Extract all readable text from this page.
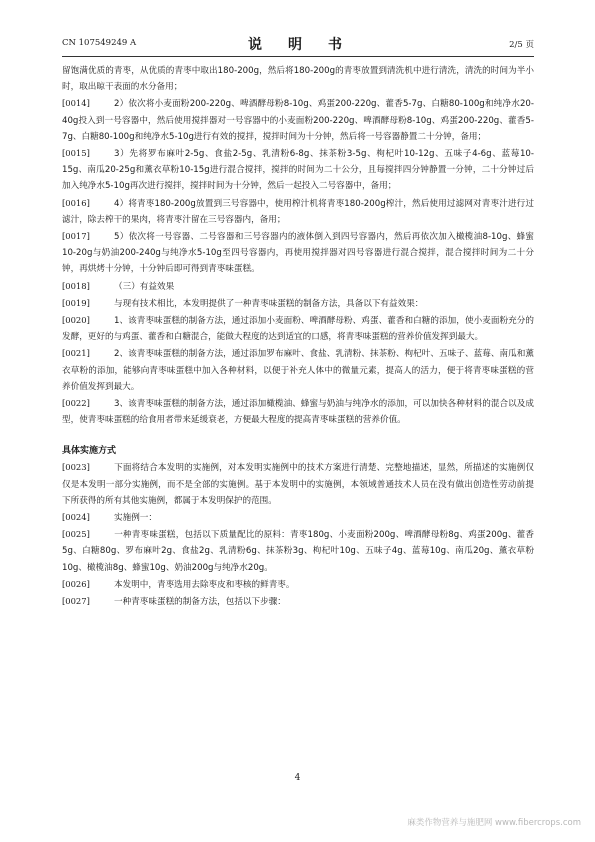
CN 107549249 A	说　明　书	2/5 页

留饱满优质的青枣，从优质的青枣中取出180-200g，然后将180-200g的青枣放置到清洗机中进行清洗，清洗的时间为半小时，取出晾干表面的水分备用；

[0014]	2）依次将小麦面粉200-220g、啤酒酵母粉8-10g、鸡蛋200-220g、藿香5-7g、白糖80-100g和纯净水20-40g投入到一号容器中，然后使用搅拌器对一号容器中的小麦面粉200-220g、啤酒酵母粉8-10g、鸡蛋200-220g、藿香5-7g、白糖80-100g和纯净水5-10g进行有效的搅拌，搅拌时间为十分钟，然后将一号容器静置二十分钟，备用；

[0015]	3）先将罗布麻叶2-5g、食盐2-5g、乳清粉6-8g、抹茶粉3-5g、枸杞叶10-12g、五味子4-6g、蓝莓10-15g、南瓜20-25g和薰衣草粉10-15g进行混合搅拌，搅拌的时间为二十公分，且每搅拌四分钟静置一分钟，二十分钟过后加入纯净水5-10g再次进行搅拌，搅拌时间为十分钟，然后一起投入二号容器中，备用；

[0016]	4）将青枣180-200g放置到三号容器中，使用榨汁机将青枣180-200g榨汁，然后使用过滤网对青枣汁进行过滤汁，除去榨干的果肉，将青枣汁留在三号容器内，备用；

[0017]	5）依次将一号容器、二号容器和三号容器内的液体倒入到四号容器内，然后再依次加入橄榄油8-10g、蜂蜜10-20g与奶油200-240g与纯净水5-10g至四号容器内，再使用搅拌器对四号容器进行混合搅拌，混合搅拌时间为二十分钟，再烘烤十分钟，十分钟后即可得到青枣味蛋糕。

[0018]	（三）有益效果

[0019]	与现有技术相比，本发明提供了一种青枣味蛋糕的制备方法，具备以下有益效果：

[0020]	1、该青枣味蛋糕的制备方法，通过添加小麦面粉、啤酒酵母粉、鸡蛋、藿香和白糖的添加，使小麦面粉充分的发酵，更好的与鸡蛋、藿香和白糖混合，能做大程度的达到适宜的口感，将青枣味蛋糕的营养价值发挥到最大。

[0021]	2、该青枣味蛋糕的制备方法，通过添加罗布麻叶、食盐、乳清粉、抹茶粉、枸杞叶、五味子、蓝莓、南瓜和薰衣草粉的添加，能够向青枣味蛋糕中加入各种材料，以便于补充人体中的微量元素，提高人的活力，便于将青枣味蛋糕的营养价值发挥到最大。

[0022]	3、该青枣味蛋糕的制备方法，通过添加橄榄油、蜂蜜与奶油与纯净水的添加，可以加快各种材料的混合以及成型，使青枣味蛋糕的给食用者带来延缓衰老，方便最大程度的提高青枣味蛋糕的营养价值。

具体实施方式

[0023]	下面将结合本发明的实施例，对本发明实施例中的技术方案进行清楚、完整地描述，显然，所描述的实施例仅仅是本发明一部分实施例，而不是全部的实施例。基于本发明中的实施例，本领域普通技术人员在没有做出创造性劳动前提下所获得的所有其他实施例，都属于本发明保护的范围。

[0024]	实施例一：

[0025]	一种青枣味蛋糕，包括以下质量配比的原料：青枣180g、小麦面粉200g、啤酒酵母粉8g、鸡蛋200g、藿香5g、白糖80g、罗布麻叶2g、食盐2g、乳清粉6g、抹茶粉3g、枸杞叶10g、五味子4g、蓝莓10g、南瓜20g、薰衣草粉10g、橄榄油8g、蜂蜜10g、奶油200g与纯净水20g。

[0026]	本发明中，青枣选用去除枣皮和枣核的鲜青枣。

[0027]	一种青枣味蛋糕的制备方法，包括以下步骤：

4
麻类作物营养与施肥网 www.fibercrops.com
